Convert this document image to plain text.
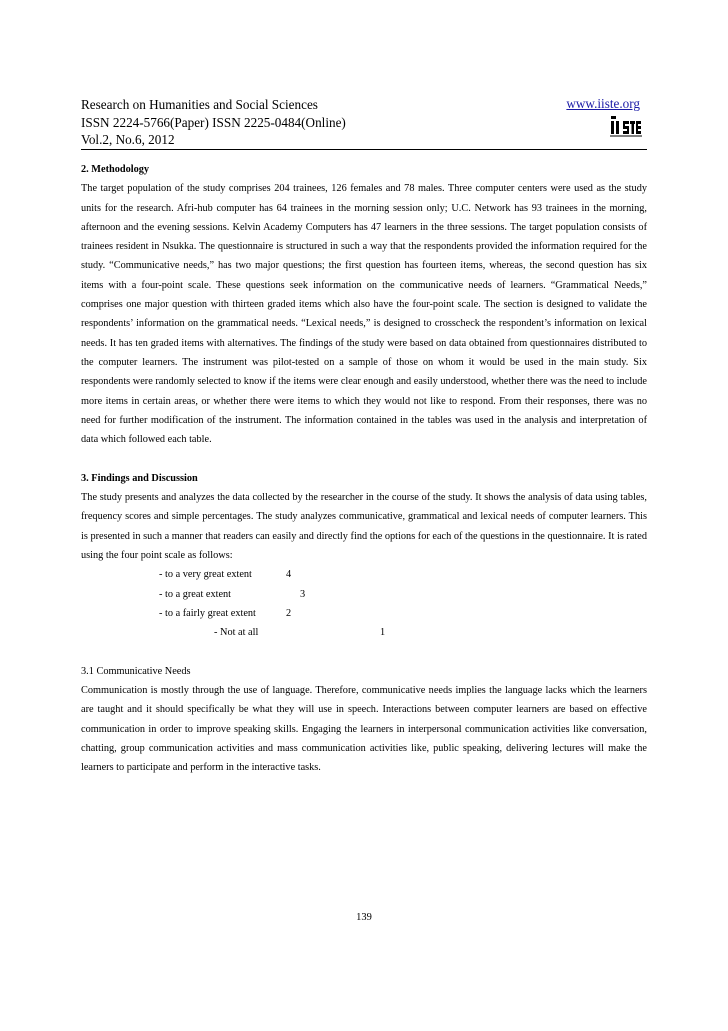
Research on Humanities and Social Sciences
ISSN 2224-5766(Paper) ISSN 2225-0484(Online)
Vol.2, No.6, 2012
www.iiste.org

2. Methodology

The target population of the study comprises 204 trainees, 126 females and 78 males. Three computer centers were used as the study units for the research. Afri-hub computer has 64 trainees in the morning session only; U.C. Network has 93 trainees in the morning, afternoon and the evening sessions. Kelvin Academy Computers has 47 learners in the three sessions. The target population consists of trainees resident in Nsukka. The questionnaire is structured in such a way that the respondents provided the information required for the study. “Communicative needs,” has two major questions; the first question has fourteen items, whereas, the second question has six items with a four-point scale. These questions seek information on the communicative needs of learners. “Grammatical Needs,” comprises one major question with thirteen graded items which also have the four-point scale. The section is designed to validate the respondents’ information on the grammatical needs. “Lexical needs,” is designed to crosscheck the respondent’s information on lexical needs. It has ten graded items with alternatives. The findings of the study were based on data obtained from questionnaires distributed to the computer learners. The instrument was pilot-tested on a sample of those on whom it would be used in the main study. Six respondents were randomly selected to know if the items were clear enough and easily understood, whether there was the need to include more items in certain areas, or whether there were items to which they would not like to respond. From their responses, there was no need for further modification of the instrument. The information contained in the tables was used in the analysis and interpretation of data which followed each table.

3. Findings and Discussion

The study presents and analyzes the data collected by the researcher in the course of the study. It shows the analysis of data using tables, frequency scores and simple percentages. The study analyzes communicative, grammatical and lexical needs of computer learners. This is presented in such a manner that readers can easily and directly find the options for each of the questions in the questionnaire. It is rated using the four point scale as follows:

- to a very great extent	4
- to a great extent	3
- to a fairly great extent	2
- Not at all	1

3.1 Communicative Needs

Communication is mostly through the use of language. Therefore, communicative needs implies the language lacks which the learners are taught and it should specifically be what they will use in speech. Interactions between computer learners are based on effective communication in order to improve speaking skills. Engaging the learners in interpersonal communication activities like conversation, chatting, group communication activities and mass communication activities like, public speaking, delivering lectures will make the learners to participate and perform in the interactive tasks.

139
